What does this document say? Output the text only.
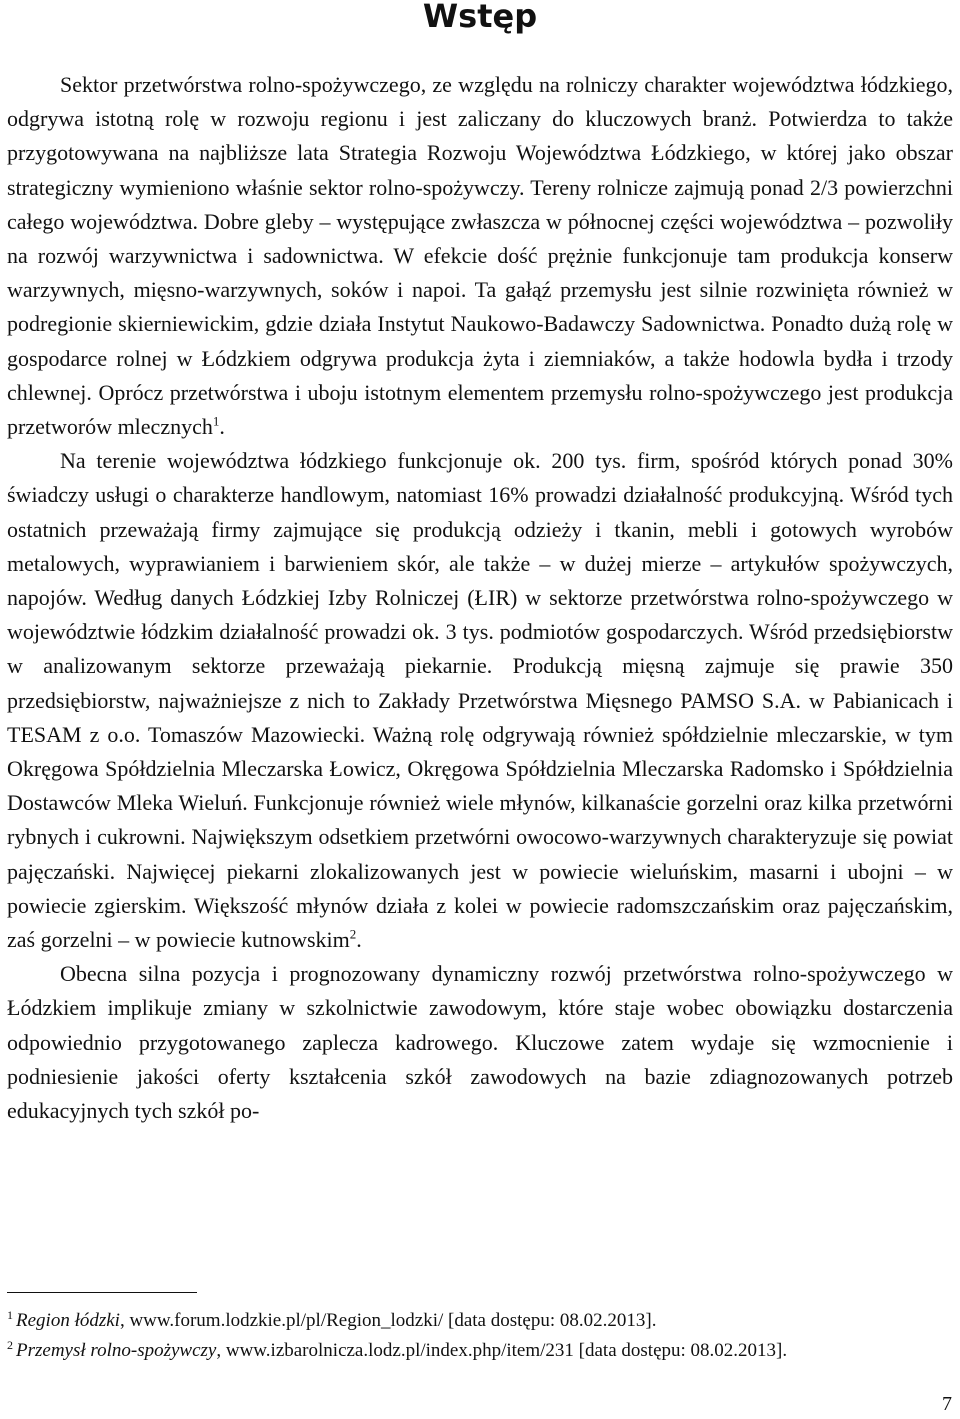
Wstęp

Sektor przetwórstwa rolno-spożywczego, ze względu na rolniczy charakter województwa łódzkiego, odgrywa istotną rolę w rozwoju regionu i jest zaliczany do kluczowych branż. Potwierdza to także przygotowywana na najbliższe lata Strategia Rozwoju Województwa Łódzkiego, w której jako obszar strategiczny wymieniono właśnie sektor rolno-spożywczy. Tereny rolnicze zajmują ponad 2/3 powierzchni całego województwa. Dobre gleby – występujące zwłaszcza w północnej części województwa – pozwoliły na rozwój warzywnictwa i sadownictwa. W efekcie dość prężnie funkcjonuje tam produkcja konserw warzywnych, mięsno-warzywnych, soków i napoi. Ta gałąź przemysłu jest silnie rozwinięta również w podregionie skierniewickim, gdzie działa Instytut Naukowo-Badawczy Sadownictwa. Ponadto dużą rolę w gospodarce rolnej w Łódzkiem odgrywa produkcja żyta i ziemniaków, a także hodowla bydła i trzody chlewnej. Oprócz przetwórstwa i uboju istotnym elementem przemysłu rolno-spożywczego jest produkcja przetworów mlecznych$^1$.

Na terenie województwa łódzkiego funkcjonuje ok. 200 tys. firm, spośród których ponad 30% świadczy usługi o charakterze handlowym, natomiast 16% prowadzi działalność produkcyjną. Wśród tych ostatnich przeważają firmy zajmujące się produkcją odzieży i tkanin, mebli i gotowych wyrobów metalowych, wyprawianiem i barwieniem skór, ale także – w dużej mierze – artykułów spożywczych, napojów. Według danych Łódzkiej Izby Rolniczej (ŁIR) w sektorze przetwórstwa rolno-spożywczego w województwie łódzkim działalność prowadzi ok. 3 tys. podmiotów gospodarczych. Wśród przedsiębiorstw w analizowanym sektorze przeważają piekarnie. Produkcją mięsną zajmuje się prawie 350 przedsiębiorstw, najważniejsze z nich to Zakłady Przetwórstwa Mięsnego PAMSO S.A. w Pabianicach i TESAM z o.o. Tomaszów Mazowiecki. Ważną rolę odgrywają również spółdzielnie mleczarskie, w tym Okręgowa Spółdzielnia Mleczarska Łowicz, Okręgowa Spółdzielnia Mleczarska Radomsko i Spółdzielnia Dostawców Mleka Wieluń. Funkcjonuje również wiele młynów, kilkanaście gorzelni oraz kilka przetwórni rybnych i cukrowni. Największym odsetkiem przetwórni owocowo-warzywnych charakteryzuje się powiat pajęczański. Najwięcej piekarni zlokalizowanych jest w powiecie wieluńskim, masarni i ubojni – w powiecie zgierskim. Większość młynów działa z kolei w powiecie radomszczańskim oraz pajęczańskim, zaś gorzelni – w powiecie kutnowskim$^2$.

Obecna silna pozycja i prognozowany dynamiczny rozwój przetwórstwa rolno-spożywczego w Łódzkiem implikuje zmiany w szkolnictwie zawodowym, które staje wobec obowiązku dostarczenia odpowiednio przygotowanego zaplecza kadrowego. Kluczowe zatem wydaje się wzmocnienie i podniesienie jakości oferty kształcenia szkół zawodowych na bazie zdiagnozowanych potrzeb edukacyjnych tych szkół po-

$^1$ Region łódzki, www.forum.lodzkie.pl/pl/Region_lodzki/ [data dostępu: 08.02.2013].

$^2$ Przemysł rolno-spożywczy, www.izbarolnicza.lodz.pl/index.php/item/231 [data dostępu: 08.02.2013].

7
